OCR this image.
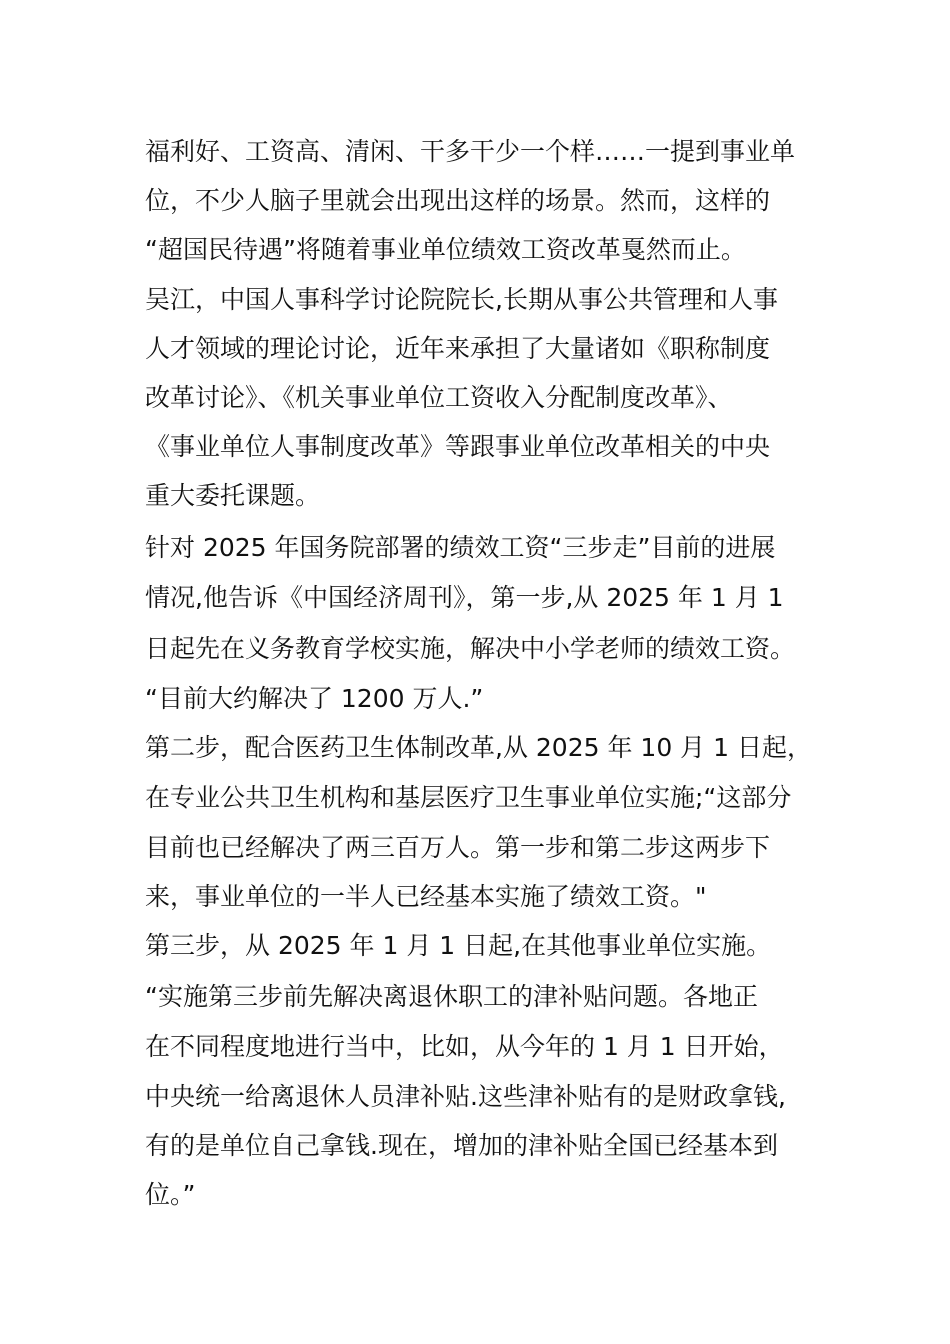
福利好、工资高、清闲、干多干少一个样……一提到事业单
位，不少人脑子里就会出现出这样的场景。然而，这样的
“超国民待遇”将随着事业单位绩效工资改革戛然而止。
吴江，中国人事科学讨论院院长,长期从事公共管理和人事
人才领域的理论讨论，近年来承担了大量诸如《职称制度
改革讨论》、《机关事业单位工资收入分配制度改革》、
《事业单位人事制度改革》等跟事业单位改革相关的中央
重大委托课题。
针对 2025 年国务院部署的绩效工资“三步走”目前的进展
情况,他告诉《中国经济周刊》，第一步,从 2025 年 1 月 1
日起先在义务教育学校实施，解决中小学老师的绩效工资。
“目前大约解决了 1200 万人.”
第二步，配合医药卫生体制改革,从 2025 年 10 月 1 日起，
在专业公共卫生机构和基层医疗卫生事业单位实施;“这部分
目前也已经解决了两三百万人。第一步和第二步这两步下
来，事业单位的一半人已经基本实施了绩效工资。"
第三步，从 2025 年 1 月 1 日起,在其他事业单位实施。
“实施第三步前先解决离退休职工的津补贴问题。各地正
在不同程度地进行当中，比如，从今年的 1 月 1 日开始，
中央统一给离退休人员津补贴.这些津补贴有的是财政拿钱,
有的是单位自己拿钱.现在，增加的津补贴全国已经基本到
位。”
